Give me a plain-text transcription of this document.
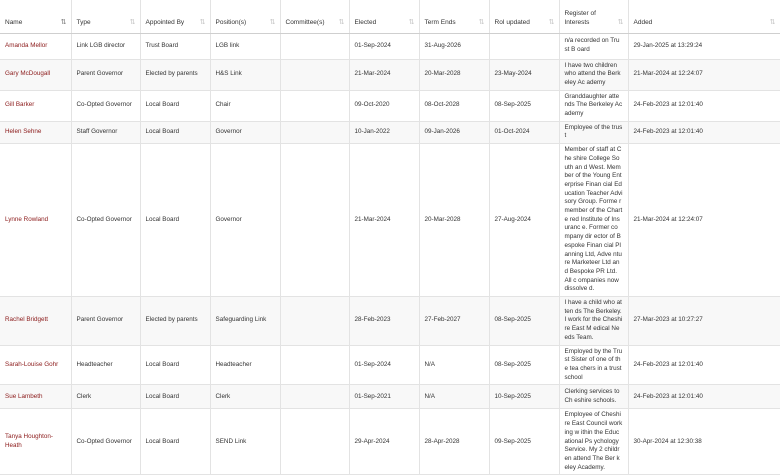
Name ⇅	Type ⇅	Appointed By ⇅	Position(s) ⇅	Committee(s) ⇅	Elected ⇅	Term Ends ⇅	RoI updated ⇅	Register of Interests ⇅	Added ⇅

Amanda Mellor	Link LGB director	Trust Board	LGB link		01-Sep-2024	31-Aug-2026		n/a recorded on Trust B oard	29-Jan-2025 at 13:29:24
Gary McDougall	Parent Governor	Elected by parents	H&S Link		21-Mar-2024	20-Mar-2028	23-May-2024	I have two children who attend the Berkeley Ac ademy	21-Mar-2024 at 12:24:07
Gill Barker	Co-Opted Governor	Local Board	Chair		09-Oct-2020	08-Oct-2028	08-Sep-2025	Granddaughter attends The Berkeley Academy	24-Feb-2023 at 12:01:40
Helen Sehne	Staff Governor	Local Board	Governor		10-Jan-2022	09-Jan-2026	01-Oct-2024	Employee of the trust	24-Feb-2023 at 12:01:40
Lynne Rowland	Co-Opted Governor	Local Board	Governor		21-Mar-2024	20-Mar-2028	27-Aug-2024	Member of staff at Che shire College South an d West. Member of the Young Enterprise Finan cial Education Teacher Advisory Group. Forme r member of the Charte red Institute of Insuranc e. Former company dir ector of Bespoke Finan cial Planning Ltd, Adve nture Marketeer Ltd an d Bespoke PR Ltd. All c ompanies now dissolve d.	21-Mar-2024 at 12:24:07
Rachel Bridgett	Parent Governor	Elected by parents	Safeguarding Link		28-Feb-2023	27-Feb-2027	08-Sep-2025	I have a child who atten ds The Berkeley. I work for the Cheshire East M edical Needs Team.	27-Mar-2023 at 10:27:27
Sarah-Louise Gohr	Headteacher	Local Board	Headteacher		01-Sep-2024	N/A	08-Sep-2025	Employed by the Trust Sister of one of the tea chers in a trust school	24-Feb-2023 at 12:01:40
Sue Lambeth	Clerk	Local Board	Clerk		01-Sep-2021	N/A	10-Sep-2025	Clerking services to Ch eshire schools.	24-Feb-2023 at 12:01:40
Tanya Houghton-Heath	Co-Opted Governor	Local Board	SEND Link		29-Apr-2024	28-Apr-2028	09-Sep-2025	Employee of Cheshire East Council working w ithin the Educational Ps ychology Service. My 2 children attend The Ber keley Academy.	30-Apr-2024 at 12:30:38
